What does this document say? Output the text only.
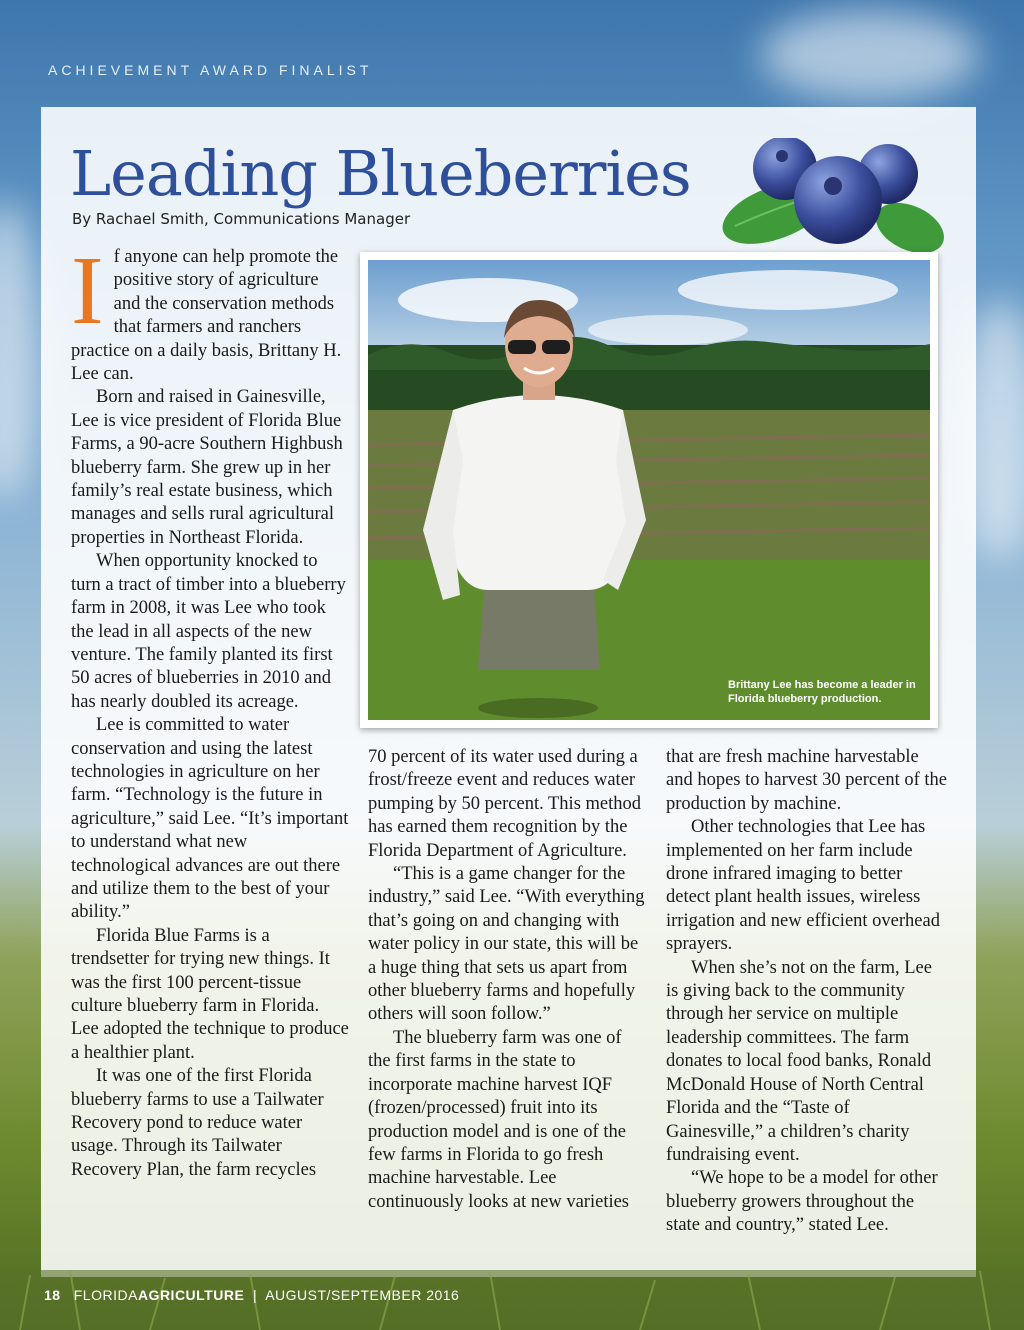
ACHIEVEMENT AWARD FINALIST
Leading Blueberries
By Rachael Smith, Communications Manager
Brittany Lee has become a leader in Florida blueberry production.
I f anyone can help promote the positive story of agriculture and the conservation methods that farmers and ranchers practice on a daily basis, Brittany H. Lee can.

Born and raised in Gainesville, Lee is vice president of Florida Blue Farms, a 90-acre Southern Highbush blueberry farm. She grew up in her family’s real estate business, which manages and sells rural agricultural properties in Northeast Florida.

When opportunity knocked to turn a tract of timber into a blueberry farm in 2008, it was Lee who took the lead in all aspects of the new venture. The family planted its first 50 acres of blueberries in 2010 and has nearly doubled its acreage.

Lee is committed to water conservation and using the latest technologies in agriculture on her farm. “Technology is the future in agriculture,” said Lee. “It’s important to understand what new technological advances are out there and utilize them to the best of your ability.”

Florida Blue Farms is a trendsetter for trying new things. It was the first 100 percent-tissue culture blueberry farm in Florida. Lee adopted the technique to produce a healthier plant.

It was one of the first Florida blueberry farms to use a Tailwater Recovery pond to reduce water usage. Through its Tailwater Recovery Plan, the farm recycles

70 percent of its water used during a frost/freeze event and reduces water pumping by 50 percent. This method has earned them recognition by the Florida Department of Agriculture.

“This is a game changer for the industry,” said Lee. “With everything that’s going on and changing with water policy in our state, this will be a huge thing that sets us apart from other blueberry farms and hopefully others will soon follow.”

The blueberry farm was one of the first farms in the state to incorporate machine harvest IQF (frozen/processed) fruit into its production model and is one of the few farms in Florida to go fresh machine harvestable. Lee continuously looks at new varieties

that are fresh machine harvestable and hopes to harvest 30 percent of the production by machine.

Other technologies that Lee has implemented on her farm include drone infrared imaging to better detect plant health issues, wireless irrigation and new efficient overhead sprayers.

When she’s not on the farm, Lee is giving back to the community through her service on multiple leadership committees. The farm donates to local food banks, Ronald McDonald House of North Central Florida and the “Taste of Gainesville,” a children’s charity fundraising event.

“We hope to be a model for other blueberry growers throughout the state and country,” stated Lee.

18 FLORIDAAGRICULTURE  |  AUGUST/SEPTEMBER 2016
